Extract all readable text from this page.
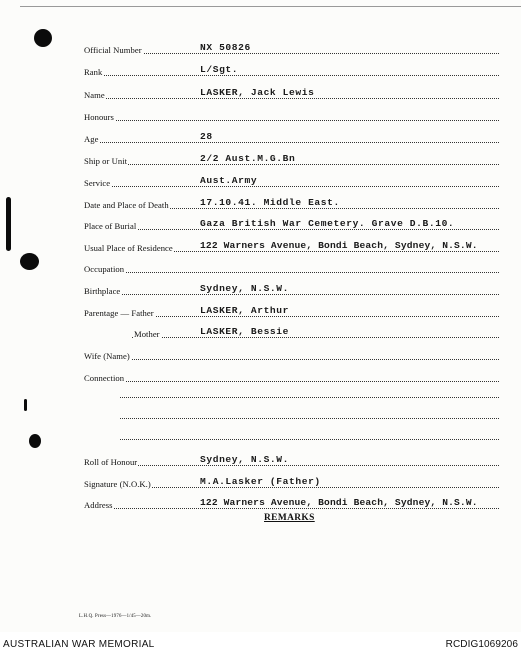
Official Number	NX 50826
Rank	L/Sgt.
Name	LASKER, Jack Lewis
Honours
Age	28
Ship or Unit	2/2 Aust.M.G.Bn
Service	Aust.Army
Date and Place of Death	17.10.41. Middle East.
Place of Burial	Gaza British War Cemetery. Grave D.B.10.
Usual Place of Residence	122 Warners Avenue, Bondi Beach, Sydney, N.S.W.
Occupation
Birthplace	Sydney, N.S.W.
Parentage — Father	LASKER, Arthur
Mother	LASKER, Bessie
Wife (Name)
Connection
Roll of Honour	Sydney, N.S.W.
Signature (N.O.K.)	M.A.Lasker (Father)
Address	122 Warners Avenue, Bondi Beach, Sydney, N.S.W.
REMARKS
L.H.Q. Press—1976—1/45—20m.
AUSTRALIAN WAR MEMORIAL	RCDIG1069206
